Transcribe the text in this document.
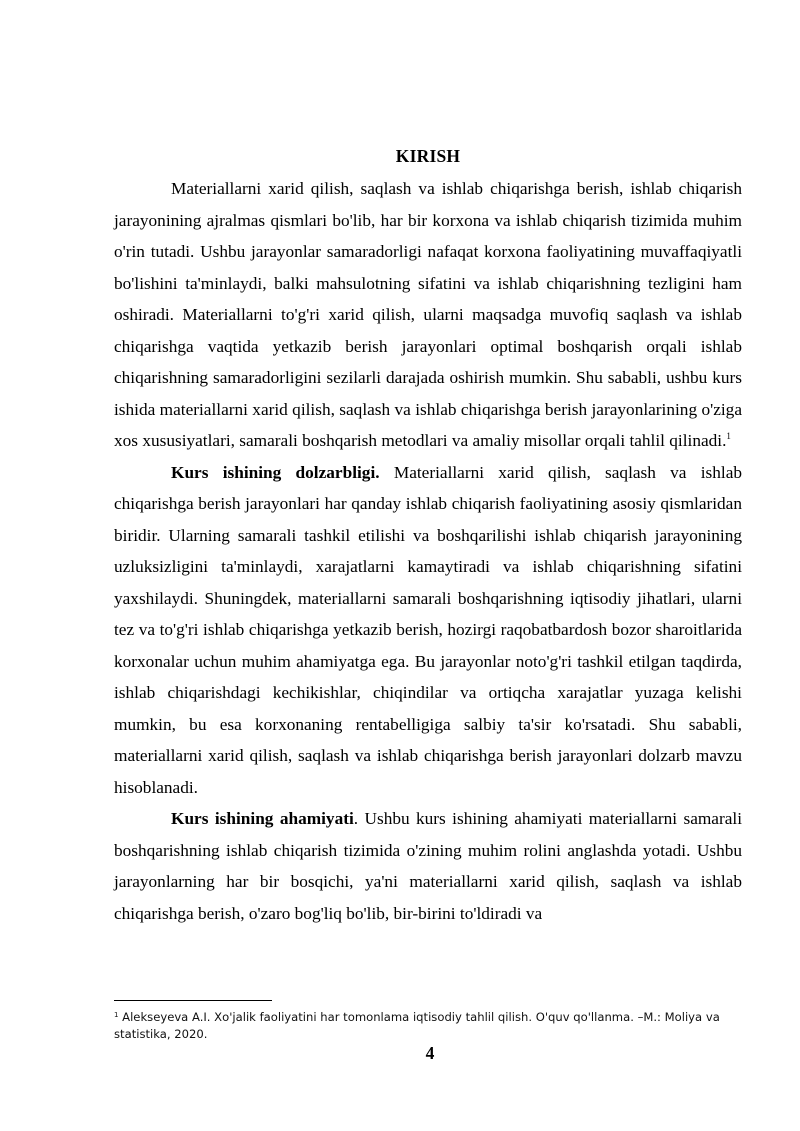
KIRISH

Materiallarni xarid qilish, saqlash va ishlab chiqarishga berish, ishlab chiqarish jarayonining ajralmas qismlari bo'lib, har bir korxona va ishlab chiqarish tizimida muhim o'rin tutadi. Ushbu jarayonlar samaradorligi nafaqat korxona faoliyatining muvaffaqiyatli bo'lishini ta'minlaydi, balki mahsulotning sifatini va ishlab chiqarishning tezligini ham oshiradi. Materiallarni to'g'ri xarid qilish, ularni maqsadga muvofiq saqlash va ishlab chiqarishga vaqtida yetkazib berish jarayonlari optimal boshqarish orqali ishlab chiqarishning samaradorligini sezilarli darajada oshirish mumkin. Shu sababli, ushbu kurs ishida materiallarni xarid qilish, saqlash va ishlab chiqarishga berish jarayonlarining o'ziga xos xususiyatlari, samarali boshqarish metodlari va amaliy misollar orqali tahlil qilinadi.$^1$

Kurs ishining dolzarbligi. Materiallarni xarid qilish, saqlash va ishlab chiqarishga berish jarayonlari har qanday ishlab chiqarish faoliyatining asosiy qismlaridan biridir. Ularning samarali tashkil etilishi va boshqarilishi ishlab chiqarish jarayonining uzluksizligini ta'minlaydi, xarajatlarni kamaytiradi va ishlab chiqarishning sifatini yaxshilaydi. Shuningdek, materiallarni samarali boshqarishning iqtisodiy jihatlari, ularni tez va to'g'ri ishlab chiqarishga yetkazib berish, hozirgi raqobatbardosh bozor sharoitlarida korxonalar uchun muhim ahamiyatga ega. Bu jarayonlar noto'g'ri tashkil etilgan taqdirda, ishlab chiqarishdagi kechikishlar, chiqindilar va ortiqcha xarajatlar yuzaga kelishi mumkin, bu esa korxonaning rentabelligiga salbiy ta'sir ko'rsatadi. Shu sababli, materiallarni xarid qilish, saqlash va ishlab chiqarishga berish jarayonlari dolzarb mavzu hisoblanadi.

Kurs ishining ahamiyati. Ushbu kurs ishining ahamiyati materiallarni samarali boshqarishning ishlab chiqarish tizimida o'zining muhim rolini anglashda yotadi. Ushbu jarayonlarning har bir bosqichi, ya'ni materiallarni xarid qilish, saqlash va ishlab chiqarishga berish, o'zaro bog'liq bo'lib, bir-birini to'ldiradi va

$^1$ Alekseyeva A.I. Xo'jalik faoliyatini har tomonlama iqtisodiy tahlil qilish. O'quv qo'llanma. –M.: Moliya va statistika, 2020.
4
